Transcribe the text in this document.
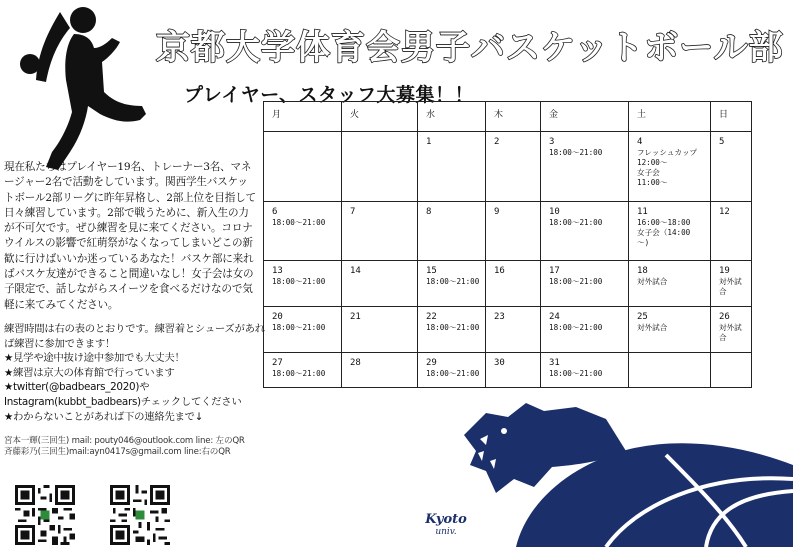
京都大学体育会男子バスケットボール部
プレイヤー、スタッフ大募集！！
現在私たちはプレイヤー19名、トレーナー3名、マネージャー2名で活動をしています。関西学生バスケットボール2部リーグに昨年昇格し、2部上位を目指して日々練習しています。2部で戦うために、新入生の力が不可欠です。ぜひ練習を見に来てください。コロナウイルスの影響で紅萌祭がなくなってしまいどこの新歓に行けばいいか迷っているあなた！バスケ部に来ればバスケ友達ができること間違いなし！女子会は女の子限定で、話しながらスイーツを食べるだけなので気軽に来てみてください。
練習時間は右の表のとおりです。練習着とシューズがあれば練習に参加できます！
★見学や途中抜け途中参加でも大丈夫！
★練習は京大の体育館で行っています
★twitter(@badbears_2020)や
Instagram(kubbt_badbears)チェックしてください
★わからないことがあれば下の連絡先まで↓
宮本一輝(三回生) mail: pouty046@outlook.com line: 左のQR
斉藤彩乃(三回生)mail:ayn0417s@gmail.com line:右のQR
月	火	水	木	金	土	日

		1	2	3
18:00～21:00	4
フレッシュカップ
12:00～
女子会
11:00～	5

6
18:00～21:00	7	8	9	10
18:00～21:00	11
16:00～18:00
女子会（14:00
～)	12

13
18:00～21:00	14	15
18:00～21:00	16	17
18:00～21:00	18
対外試合	19
対外試合

20
18:00～21:00	21	22
18:00～21:00	23	24
18:00～21:00	25
対外試合	26
対外試合

27
18:00～21:00	28	29
18:00～21:00	30	31
18:00～21:00		

Kyoto
univ.
